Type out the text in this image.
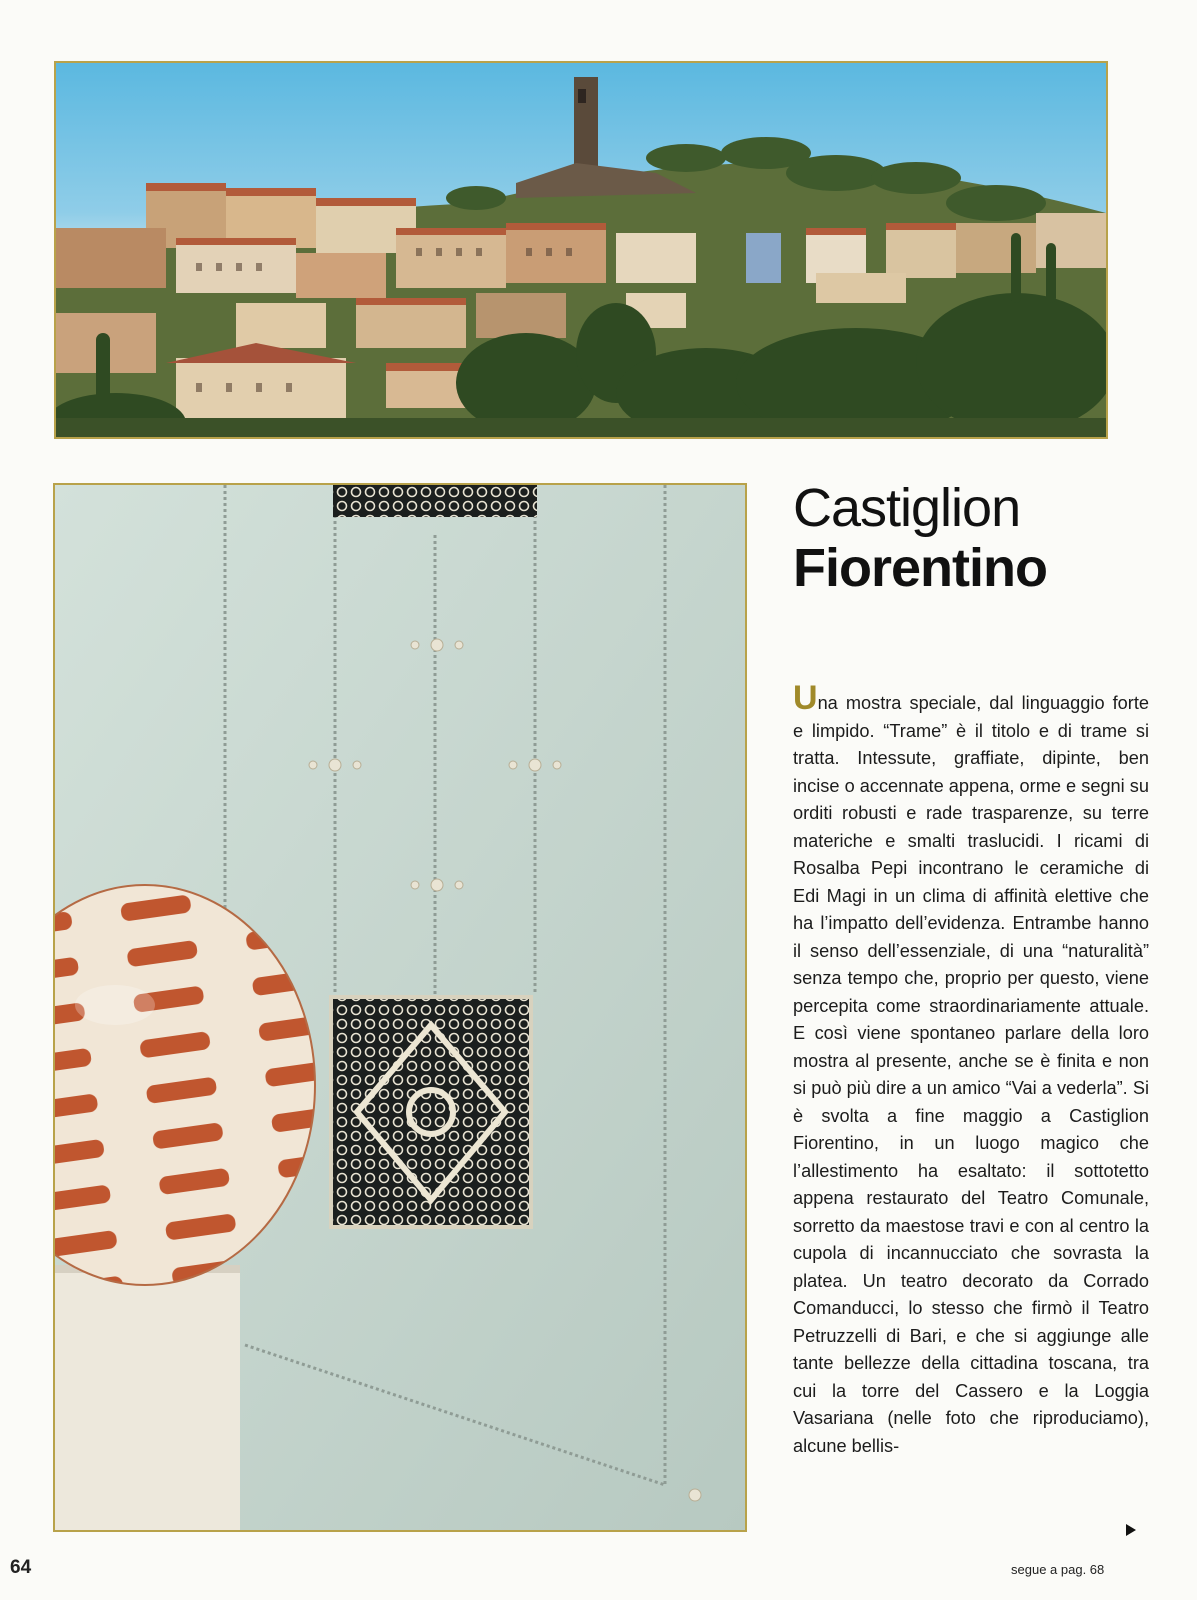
Castiglion
Fiorentino

Una mostra speciale, dal linguaggio forte e limpido. “Trame” è il titolo e di trame si tratta. Intessute, graffiate, dipinte, ben incise o accennate appena, orme e segni su orditi robusti e rade trasparenze, su terre materiche e smalti traslucidi. I ricami di Rosalba Pepi incontrano le ceramiche di Edi Magi in un clima di affinità elettive che ha l’impatto dell’evidenza. Entrambe hanno il senso dell’essenziale, di una “naturalità” senza tempo che, proprio per questo, viene percepita come straordinariamente attuale. E così viene spontaneo parlare della loro mostra al presente, anche se è finita e non si può più dire a un amico “Vai a vederla”. Si è svolta a fine maggio a Castiglion Fiorentino, in un luogo magico che l’allestimento ha esaltato: il sottotetto appena restaurato del Teatro Comunale, sorretto da maestose travi e con al centro la cupola di incannucciato che sovrasta la platea. Un teatro decorato da Corrado Comanducci, lo stesso che firmò il Teatro Petruzzelli di Bari, e che si aggiunge alle tante bellezze della cittadina toscana, tra cui la torre del Cassero e la Loggia Vasariana (nelle foto che riproduciamo), alcune bellis-

segue a pag. 68
64
